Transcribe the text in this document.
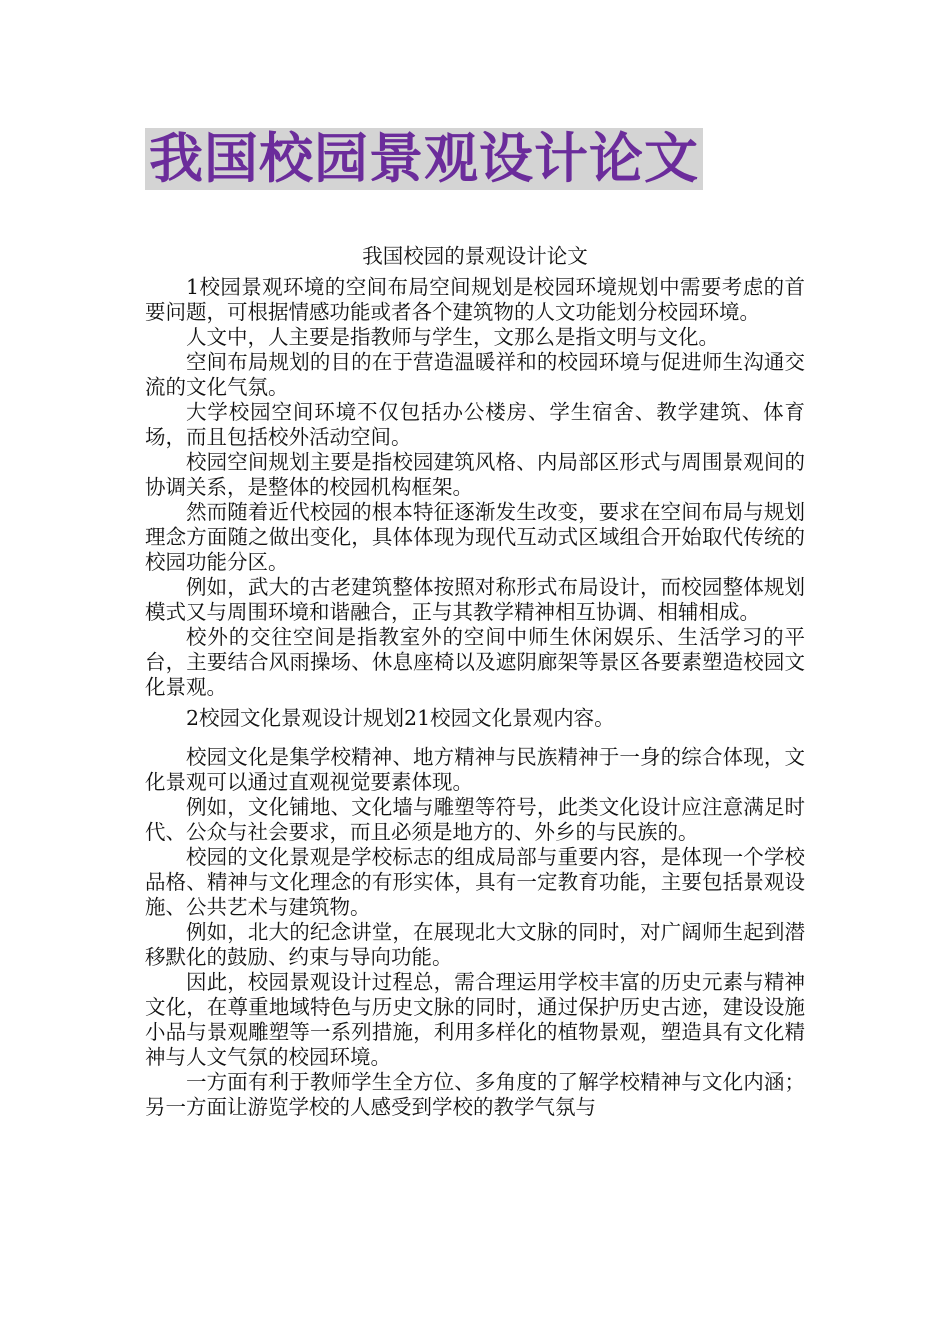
我国校园景观设计论文

我国校园的景观设计论文

1校园景观环境的空间布局空间规划是校园环境规划中需要考虑的首要问题，可根据情感功能或者各个建筑物的人文功能划分校园环境。

人文中，人主要是指教师与学生，文那么是指文明与文化。

空间布局规划的目的在于营造温暖祥和的校园环境与促进师生沟通交流的文化气氛。

大学校园空间环境不仅包括办公楼房、学生宿舍、教学建筑、体育场，而且包括校外活动空间。

校园空间规划主要是指校园建筑风格、内局部区形式与周围景观间的协调关系，是整体的校园机构框架。

然而随着近代校园的根本特征逐渐发生改变，要求在空间布局与规划理念方面随之做出变化，具体体现为现代互动式区域组合开始取代传统的校园功能分区。

例如，武大的古老建筑整体按照对称形式布局设计，而校园整体规划模式又与周围环境和谐融合，正与其教学精神相互协调、相辅相成。

校外的交往空间是指教室外的空间中师生休闲娱乐、生活学习的平台，主要结合风雨操场、休息座椅以及遮阴廊架等景区各要素塑造校园文化景观。

2校园文化景观设计规划21校园文化景观内容。

校园文化是集学校精神、地方精神与民族精神于一身的综合体现，文化景观可以通过直观视觉要素体现。

例如，文化铺地、文化墙与雕塑等符号，此类文化设计应注意满足时代、公众与社会要求，而且必须是地方的、外乡的与民族的。

校园的文化景观是学校标志的组成局部与重要内容，是体现一个学校品格、精神与文化理念的有形实体，具有一定教育功能，主要包括景观设施、公共艺术与建筑物。

例如，北大的纪念讲堂，在展现北大文脉的同时，对广阔师生起到潜移默化的鼓励、约束与导向功能。

因此，校园景观设计过程总，需合理运用学校丰富的历史元素与精神文化，在尊重地域特色与历史文脉的同时，通过保护历史古迹，建设设施小品与景观雕塑等一系列措施，利用多样化的植物景观，塑造具有文化精神与人文气氛的校园环境。

一方面有利于教师学生全方位、多角度的了解学校精神与文化内涵；另一方面让游览学校的人感受到学校的教学气氛与
